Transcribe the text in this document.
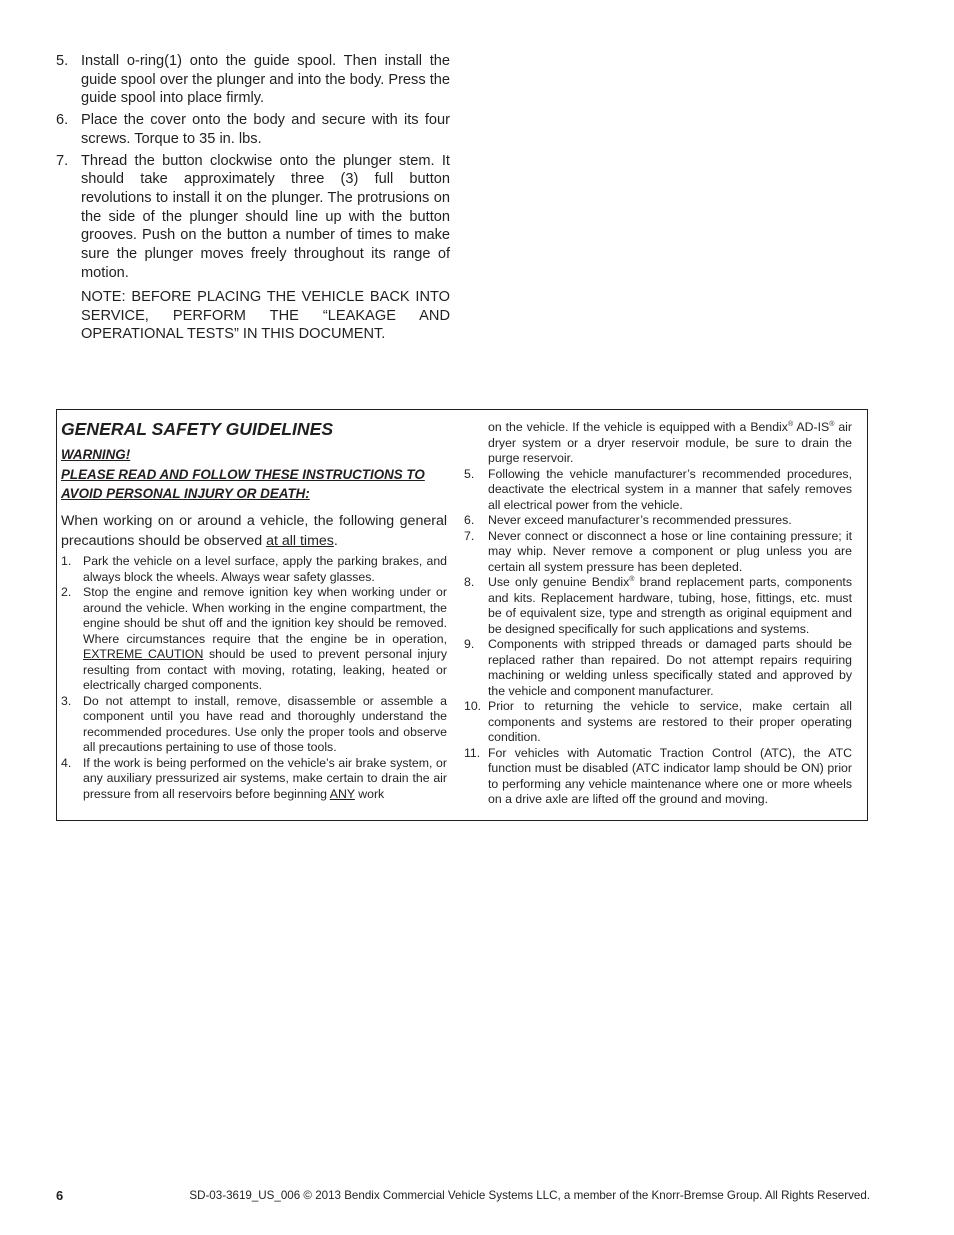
5. Install o-ring(1) onto the guide spool. Then install the guide spool over the plunger and into the body. Press the guide spool into place firmly.
6. Place the cover onto the body and secure with its four screws. Torque to 35 in. lbs.
7. Thread the button clockwise onto the plunger stem. It should take approximately three (3) full button revolutions to install it on the plunger. The protrusions on the side of the plunger should line up with the button grooves. Push on the button a number of times to make sure the plunger moves freely throughout its range of motion.

NOTE: BEFORE PLACING THE VEHICLE BACK INTO SERVICE, PERFORM THE “LEAKAGE AND OPERATIONAL TESTS” IN THIS DOCUMENT.

GENERAL SAFETY GUIDELINES

WARNING!

PLEASE READ AND FOLLOW THESE INSTRUCTIONS TO AVOID PERSONAL INJURY OR DEATH:

When working on or around a vehicle, the following general precautions should be observed at all times.

1. Park the vehicle on a level surface, apply the parking brakes, and always block the wheels. Always wear safety glasses.
2. Stop the engine and remove ignition key when working under or around the vehicle. When working in the engine compartment, the engine should be shut off and the ignition key should be removed. Where circumstances require that the engine be in operation, EXTREME CAUTION should be used to prevent personal injury resulting from contact with moving, rotating, leaking, heated or electrically charged components.
3. Do not attempt to install, remove, disassemble or assemble a component until you have read and thoroughly understand the recommended procedures. Use only the proper tools and observe all precautions pertaining to use of those tools.
4. If the work is being performed on the vehicle’s air brake system, or any auxiliary pressurized air systems, make certain to drain the air pressure from all reservoirs before beginning ANY work

on the vehicle. If the vehicle is equipped with a Bendix® AD-IS® air dryer system or a dryer reservoir module, be sure to drain the purge reservoir.

5. Following the vehicle manufacturer’s recommended procedures, deactivate the electrical system in a manner that safely removes all electrical power from the vehicle.
6. Never exceed manufacturer’s recommended pressures.
7. Never connect or disconnect a hose or line containing pressure; it may whip. Never remove a component or plug unless you are certain all system pressure has been depleted.
8. Use only genuine Bendix® brand replacement parts, components and kits. Replacement hardware, tubing, hose, fittings, etc. must be of equivalent size, type and strength as original equipment and be designed specifically for such applications and systems.
9. Components with stripped threads or damaged parts should be replaced rather than repaired. Do not attempt repairs requiring machining or welding unless specifically stated and approved by the vehicle and component manufacturer.
10. Prior to returning the vehicle to service, make certain all components and systems are restored to their proper operating condition.
11. For vehicles with Automatic Traction Control (ATC), the ATC function must be disabled (ATC indicator lamp should be ON) prior to performing any vehicle maintenance where one or more wheels on a drive axle are lifted off the ground and moving.
6	SD-03-3619_US_006 © 2013 Bendix Commercial Vehicle Systems LLC, a member of the Knorr-Bremse Group. All Rights Reserved.
